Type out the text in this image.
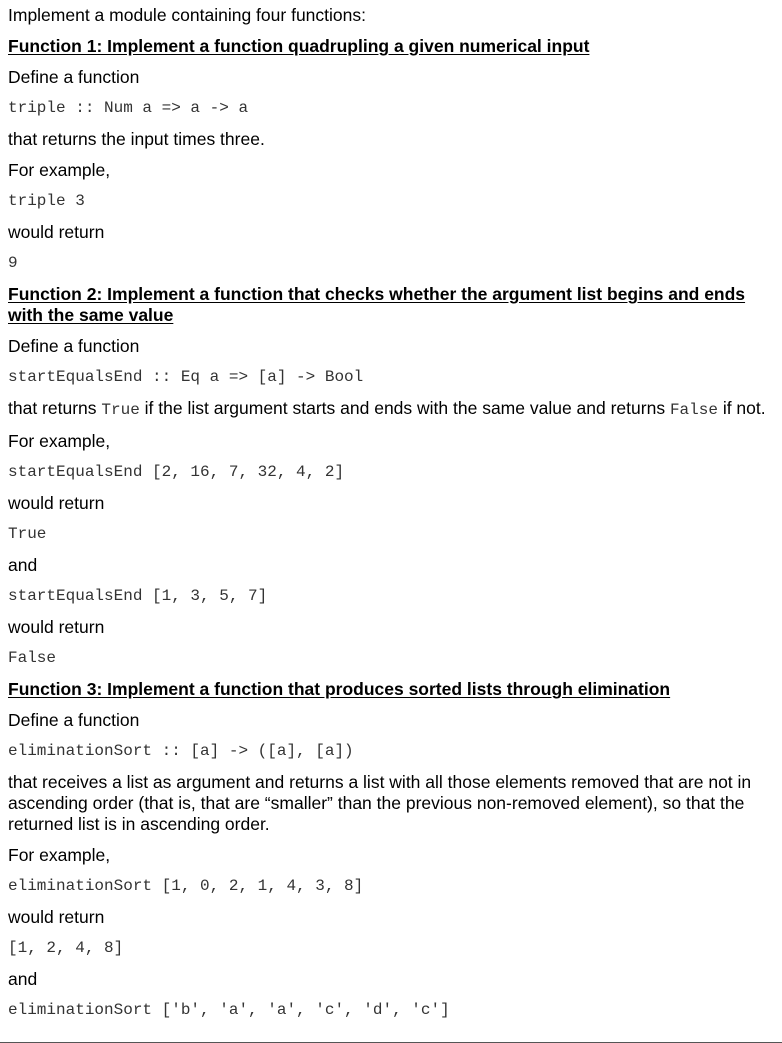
Implement a module containing four functions:
Function 1: Implement a function quadrupling a given numerical input
Define a function
triple :: Num a => a -> a
that returns the input times three.
For example,
triple 3
would return
9
Function 2: Implement a function that checks whether the argument list begins and ends with the same value
Define a function
startEqualsEnd :: Eq a => [a] -> Bool
that returns True if the list argument starts and ends with the same value and returns False if not.
For example,
startEqualsEnd [2, 16, 7, 32, 4, 2]
would return
True
and
startEqualsEnd [1, 3, 5, 7]
would return
False
Function 3: Implement a function that produces sorted lists through elimination
Define a function
eliminationSort :: [a] -> ([a], [a])
that receives a list as argument and returns a list with all those elements removed that are not in ascending order (that is, that are “smaller” than the previous non-removed element), so that the returned list is in ascending order.
For example,
eliminationSort [1, 0, 2, 1, 4, 3, 8]
would return
[1, 2, 4, 8]
and
eliminationSort ['b', 'a', 'a', 'c', 'd', 'c']
